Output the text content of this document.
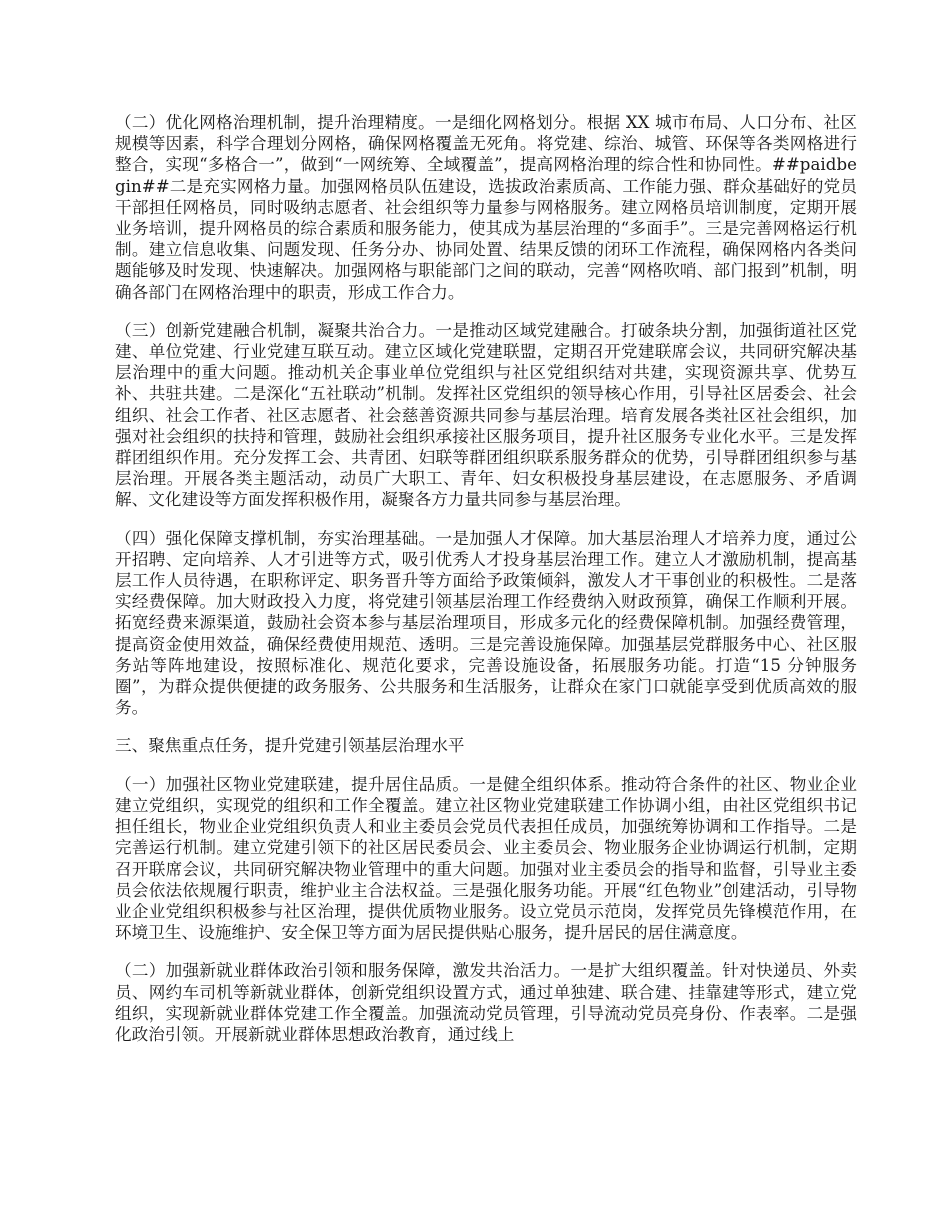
（二）优化网格治理机制，提升治理精度。一是细化网格划分。根据 XX 城市布局、人口分布、社区规模等因素，科学合理划分网格，确保网格覆盖无死角。将党建、综治、城管、环保等各类网格进行整合，实现“多格合一”，做到“一网统筹、全域覆盖”，提高网格治理的综合性和协同性。##paidbegin##二是充实网格力量。加强网格员队伍建设，选拔政治素质高、工作能力强、群众基础好的党员干部担任网格员，同时吸纳志愿者、社会组织等力量参与网格服务。建立网格员培训制度，定期开展业务培训，提升网格员的综合素质和服务能力，使其成为基层治理的“多面手”。三是完善网格运行机制。建立信息收集、问题发现、任务分办、协同处置、结果反馈的闭环工作流程，确保网格内各类问题能够及时发现、快速解决。加强网格与职能部门之间的联动，完善“网格吹哨、部门报到”机制，明确各部门在网格治理中的职责，形成工作合力。

（三）创新党建融合机制，凝聚共治合力。一是推动区域党建融合。打破条块分割，加强街道社区党建、单位党建、行业党建互联互动。建立区域化党建联盟，定期召开党建联席会议，共同研究解决基层治理中的重大问题。推动机关企事业单位党组织与社区党组织结对共建，实现资源共享、优势互补、共驻共建。二是深化“五社联动”机制。发挥社区党组织的领导核心作用，引导社区居委会、社会组织、社会工作者、社区志愿者、社会慈善资源共同参与基层治理。培育发展各类社区社会组织，加强对社会组织的扶持和管理，鼓励社会组织承接社区服务项目，提升社区服务专业化水平。三是发挥群团组织作用。充分发挥工会、共青团、妇联等群团组织联系服务群众的优势，引导群团组织参与基层治理。开展各类主题活动，动员广大职工、青年、妇女积极投身基层建设，在志愿服务、矛盾调解、文化建设等方面发挥积极作用，凝聚各方力量共同参与基层治理。

（四）强化保障支撑机制，夯实治理基础。一是加强人才保障。加大基层治理人才培养力度，通过公开招聘、定向培养、人才引进等方式，吸引优秀人才投身基层治理工作。建立人才激励机制，提高基层工作人员待遇，在职称评定、职务晋升等方面给予政策倾斜，激发人才干事创业的积极性。二是落实经费保障。加大财政投入力度，将党建引领基层治理工作经费纳入财政预算，确保工作顺利开展。拓宽经费来源渠道，鼓励社会资本参与基层治理项目，形成多元化的经费保障机制。加强经费管理，提高资金使用效益，确保经费使用规范、透明。三是完善设施保障。加强基层党群服务中心、社区服务站等阵地建设，按照标准化、规范化要求，完善设施设备，拓展服务功能。打造“15 分钟服务圈”，为群众提供便捷的政务服务、公共服务和生活服务，让群众在家门口就能享受到优质高效的服务。

三、聚焦重点任务，提升党建引领基层治理水平

（一）加强社区物业党建联建，提升居住品质。一是健全组织体系。推动符合条件的社区、物业企业建立党组织，实现党的组织和工作全覆盖。建立社区物业党建联建工作协调小组，由社区党组织书记担任组长，物业企业党组织负责人和业主委员会党员代表担任成员，加强统筹协调和工作指导。二是完善运行机制。建立党建引领下的社区居民委员会、业主委员会、物业服务企业协调运行机制，定期召开联席会议，共同研究解决物业管理中的重大问题。加强对业主委员会的指导和监督，引导业主委员会依法依规履行职责，维护业主合法权益。三是强化服务功能。开展“红色物业”创建活动，引导物业企业党组织积极参与社区治理，提供优质物业服务。设立党员示范岗，发挥党员先锋模范作用，在环境卫生、设施维护、安全保卫等方面为居民提供贴心服务，提升居民的居住满意度。

（二）加强新就业群体政治引领和服务保障，激发共治活力。一是扩大组织覆盖。针对快递员、外卖员、网约车司机等新就业群体，创新党组织设置方式，通过单独建、联合建、挂靠建等形式，建立党组织，实现新就业群体党建工作全覆盖。加强流动党员管理，引导流动党员亮身份、作表率。二是强化政治引领。开展新就业群体思想政治教育，通过线上
